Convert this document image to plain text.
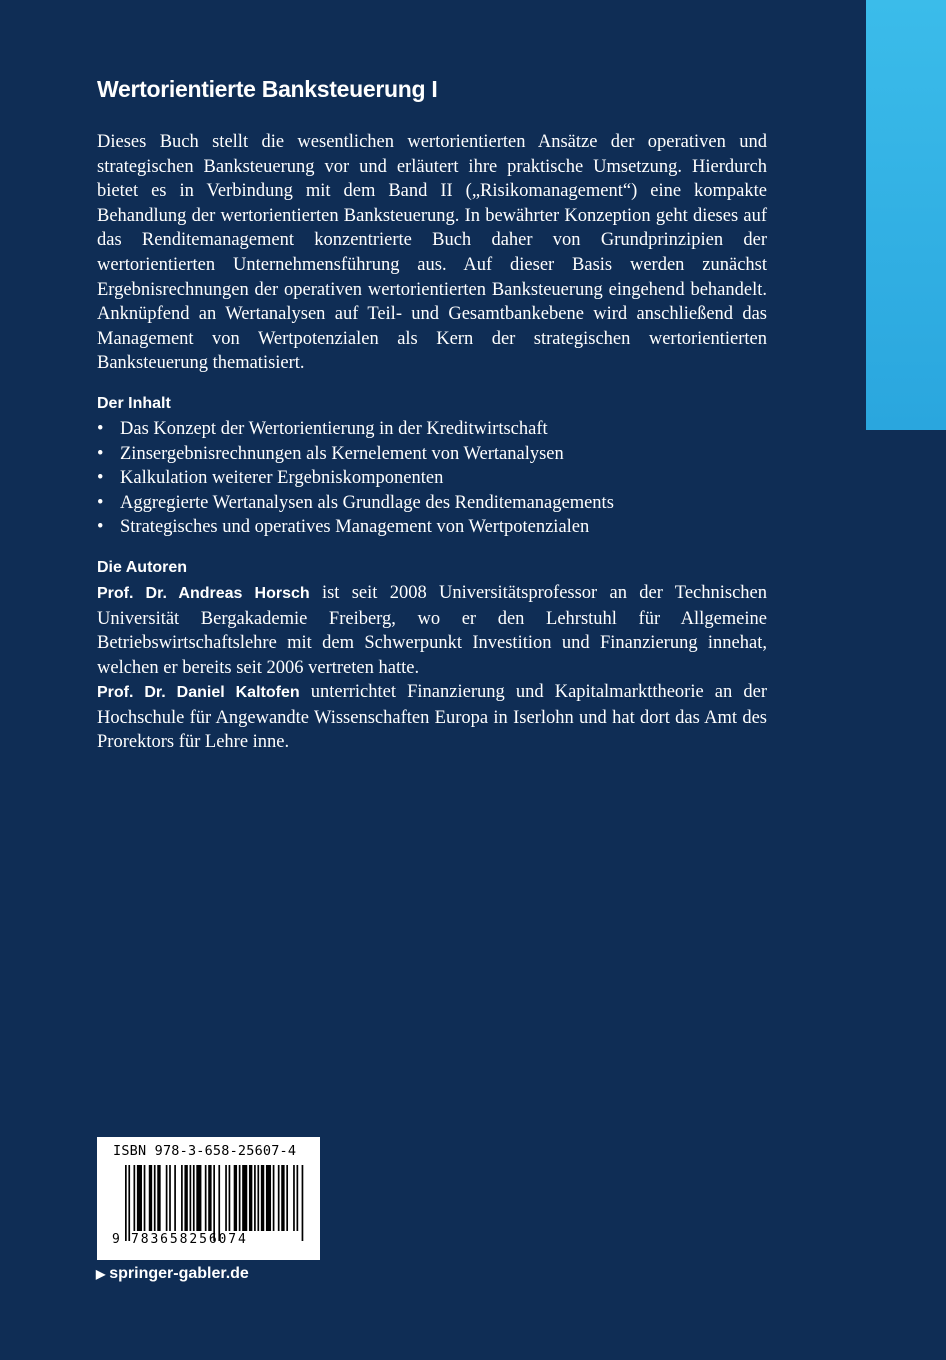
Wertorientierte Banksteuerung I

Dieses Buch stellt die wesentlichen wertorientierten Ansätze der operativen und strategischen Banksteuerung vor und erläutert ihre praktische Umsetzung. Hierdurch bietet es in Verbindung mit dem Band II („Risikomanagement“) eine kompakte Behandlung der wertorientierten Banksteuerung. In bewährter Konzeption geht dieses auf das Renditemanagement konzentrierte Buch daher von Grundprinzipien der wertorientierten Unternehmensführung aus. Auf dieser Basis werden zunächst Ergebnisrechnungen der operativen wertorientierten Banksteuerung eingehend behandelt. Anknüpfend an Wertanalysen auf Teil- und Gesamtbankebene wird anschließend das Management von Wertpotenzialen als Kern der strategischen wertorientierten Banksteuerung thematisiert.

Der Inhalt
• Das Konzept der Wertorientierung in der Kreditwirtschaft
• Zinsergebnisrechnungen als Kernelement von Wertanalysen
• Kalkulation weiterer Ergebniskomponenten
• Aggregierte Wertanalysen als Grundlage des Renditemanagements
• Strategisches und operatives Management von Wertpotenzialen
Die Autoren

Prof. Dr. Andreas Horsch ist seit 2008 Universitätsprofessor an der Technischen Universität Bergakademie Freiberg, wo er den Lehrstuhl für Allgemeine Betriebswirtschaftslehre mit dem Schwerpunkt Investition und Finanzierung innehat, welchen er bereits seit 2006 vertreten hatte.

Prof. Dr. Daniel Kaltofen unterrichtet Finanzierung und Kapitalmarkttheorie an der Hochschule für Angewandte Wissenschaften Europa in Iserlohn und hat dort das Amt des Prorektors für Lehre inne.

ISBN 978-3-658-25607-4
9 783658256074
▶ springer-gabler.de
